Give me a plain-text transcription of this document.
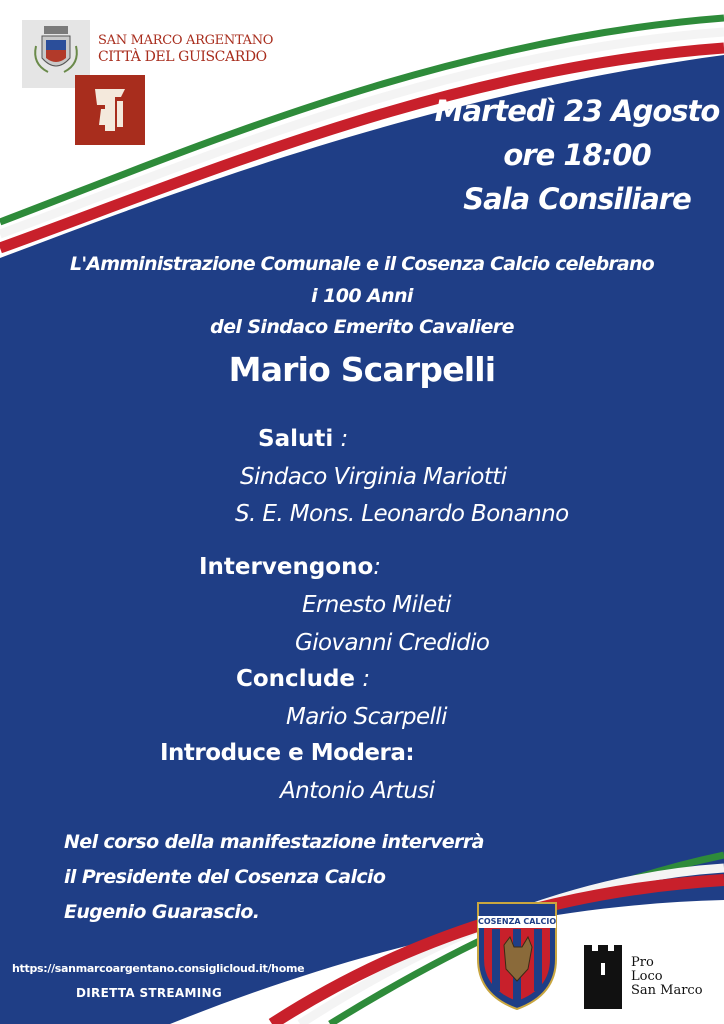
SAN MARCO ARGENTANO
CITTÀ DEL GUISCARDO
Martedì 23 Agosto
ore 18:00
Sala Consiliare
L'Amministrazione Comunale e il Cosenza Calcio celebrano
i 100 Anni
del Sindaco Emerito Cavaliere
Mario Scarpelli
Saluti :
Sindaco Virginia Mariotti
S. E. Mons. Leonardo Bonanno
Intervengono:
Ernesto Mileti
Giovanni Credidio
Conclude :
Mario Scarpelli
Introduce e Modera:
Antonio Artusi
Nel corso della manifestazione interverrà
il Presidente del Cosenza Calcio
Eugenio Guarascio.
https://sanmarcoargentano.consiglicloud.it/home
DIRETTA STREAMING
COSENZA CALCIO
Pro
Loco
San Marco
